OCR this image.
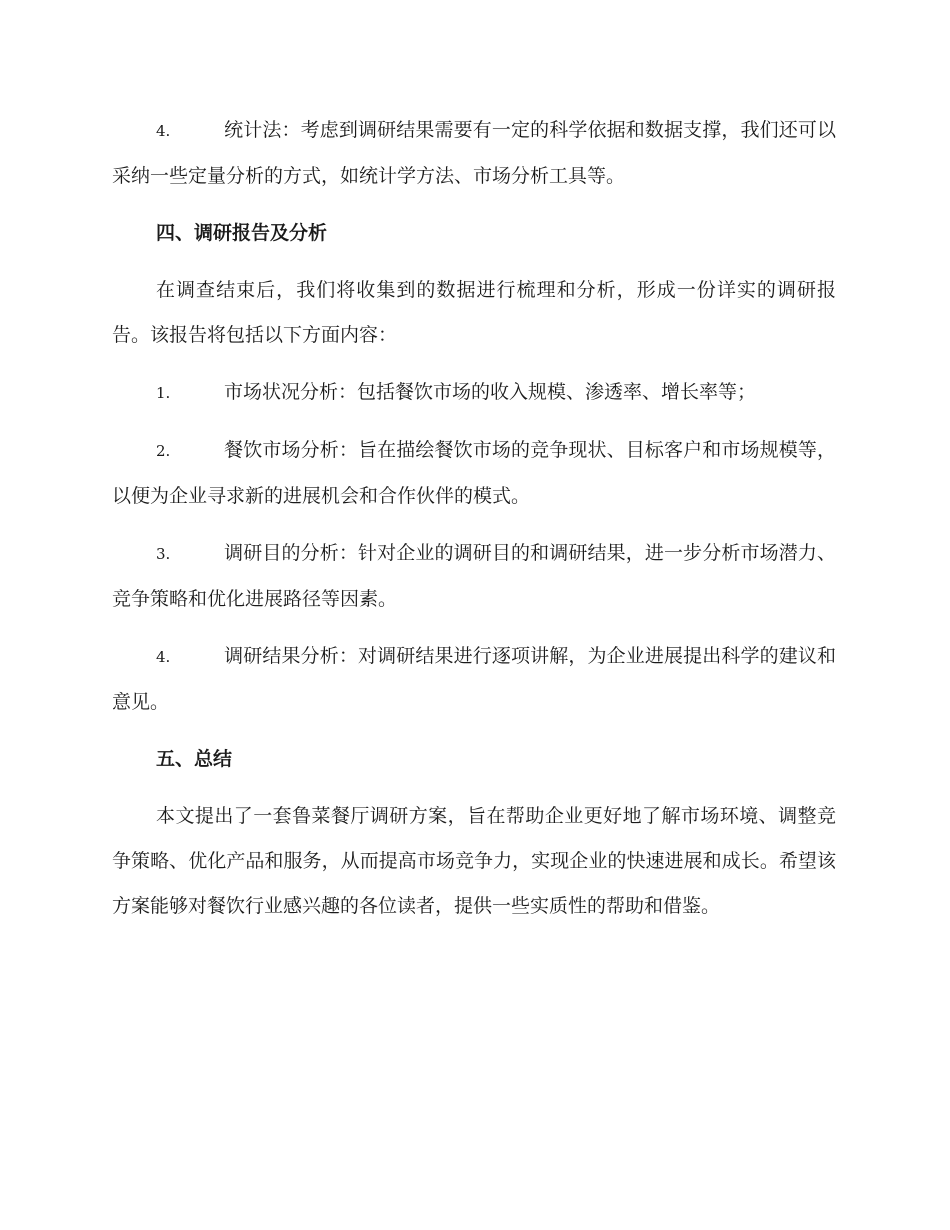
4.	统计法：考虑到调研结果需要有一定的科学依据和数据支撑，我们还可以采纳一些定量分析的方式，如统计学方法、市场分析工具等。

四、调研报告及分析

在调查结束后，我们将收集到的数据进行梳理和分析，形成一份详实的调研报告。该报告将包括以下方面内容：

1.	市场状况分析：包括餐饮市场的收入规模、渗透率、增长率等；

2.	餐饮市场分析：旨在描绘餐饮市场的竞争现状、目标客户和市场规模等，以便为企业寻求新的进展机会和合作伙伴的模式。

3.	调研目的分析：针对企业的调研目的和调研结果，进一步分析市场潜力、竞争策略和优化进展路径等因素。

4.	调研结果分析：对调研结果进行逐项讲解，为企业进展提出科学的建议和意见。

五、总结

本文提出了一套鲁菜餐厅调研方案，旨在帮助企业更好地了解市场环境、调整竞争策略、优化产品和服务，从而提高市场竞争力，实现企业的快速进展和成长。希望该方案能够对餐饮行业感兴趣的各位读者，提供一些实质性的帮助和借鉴。
